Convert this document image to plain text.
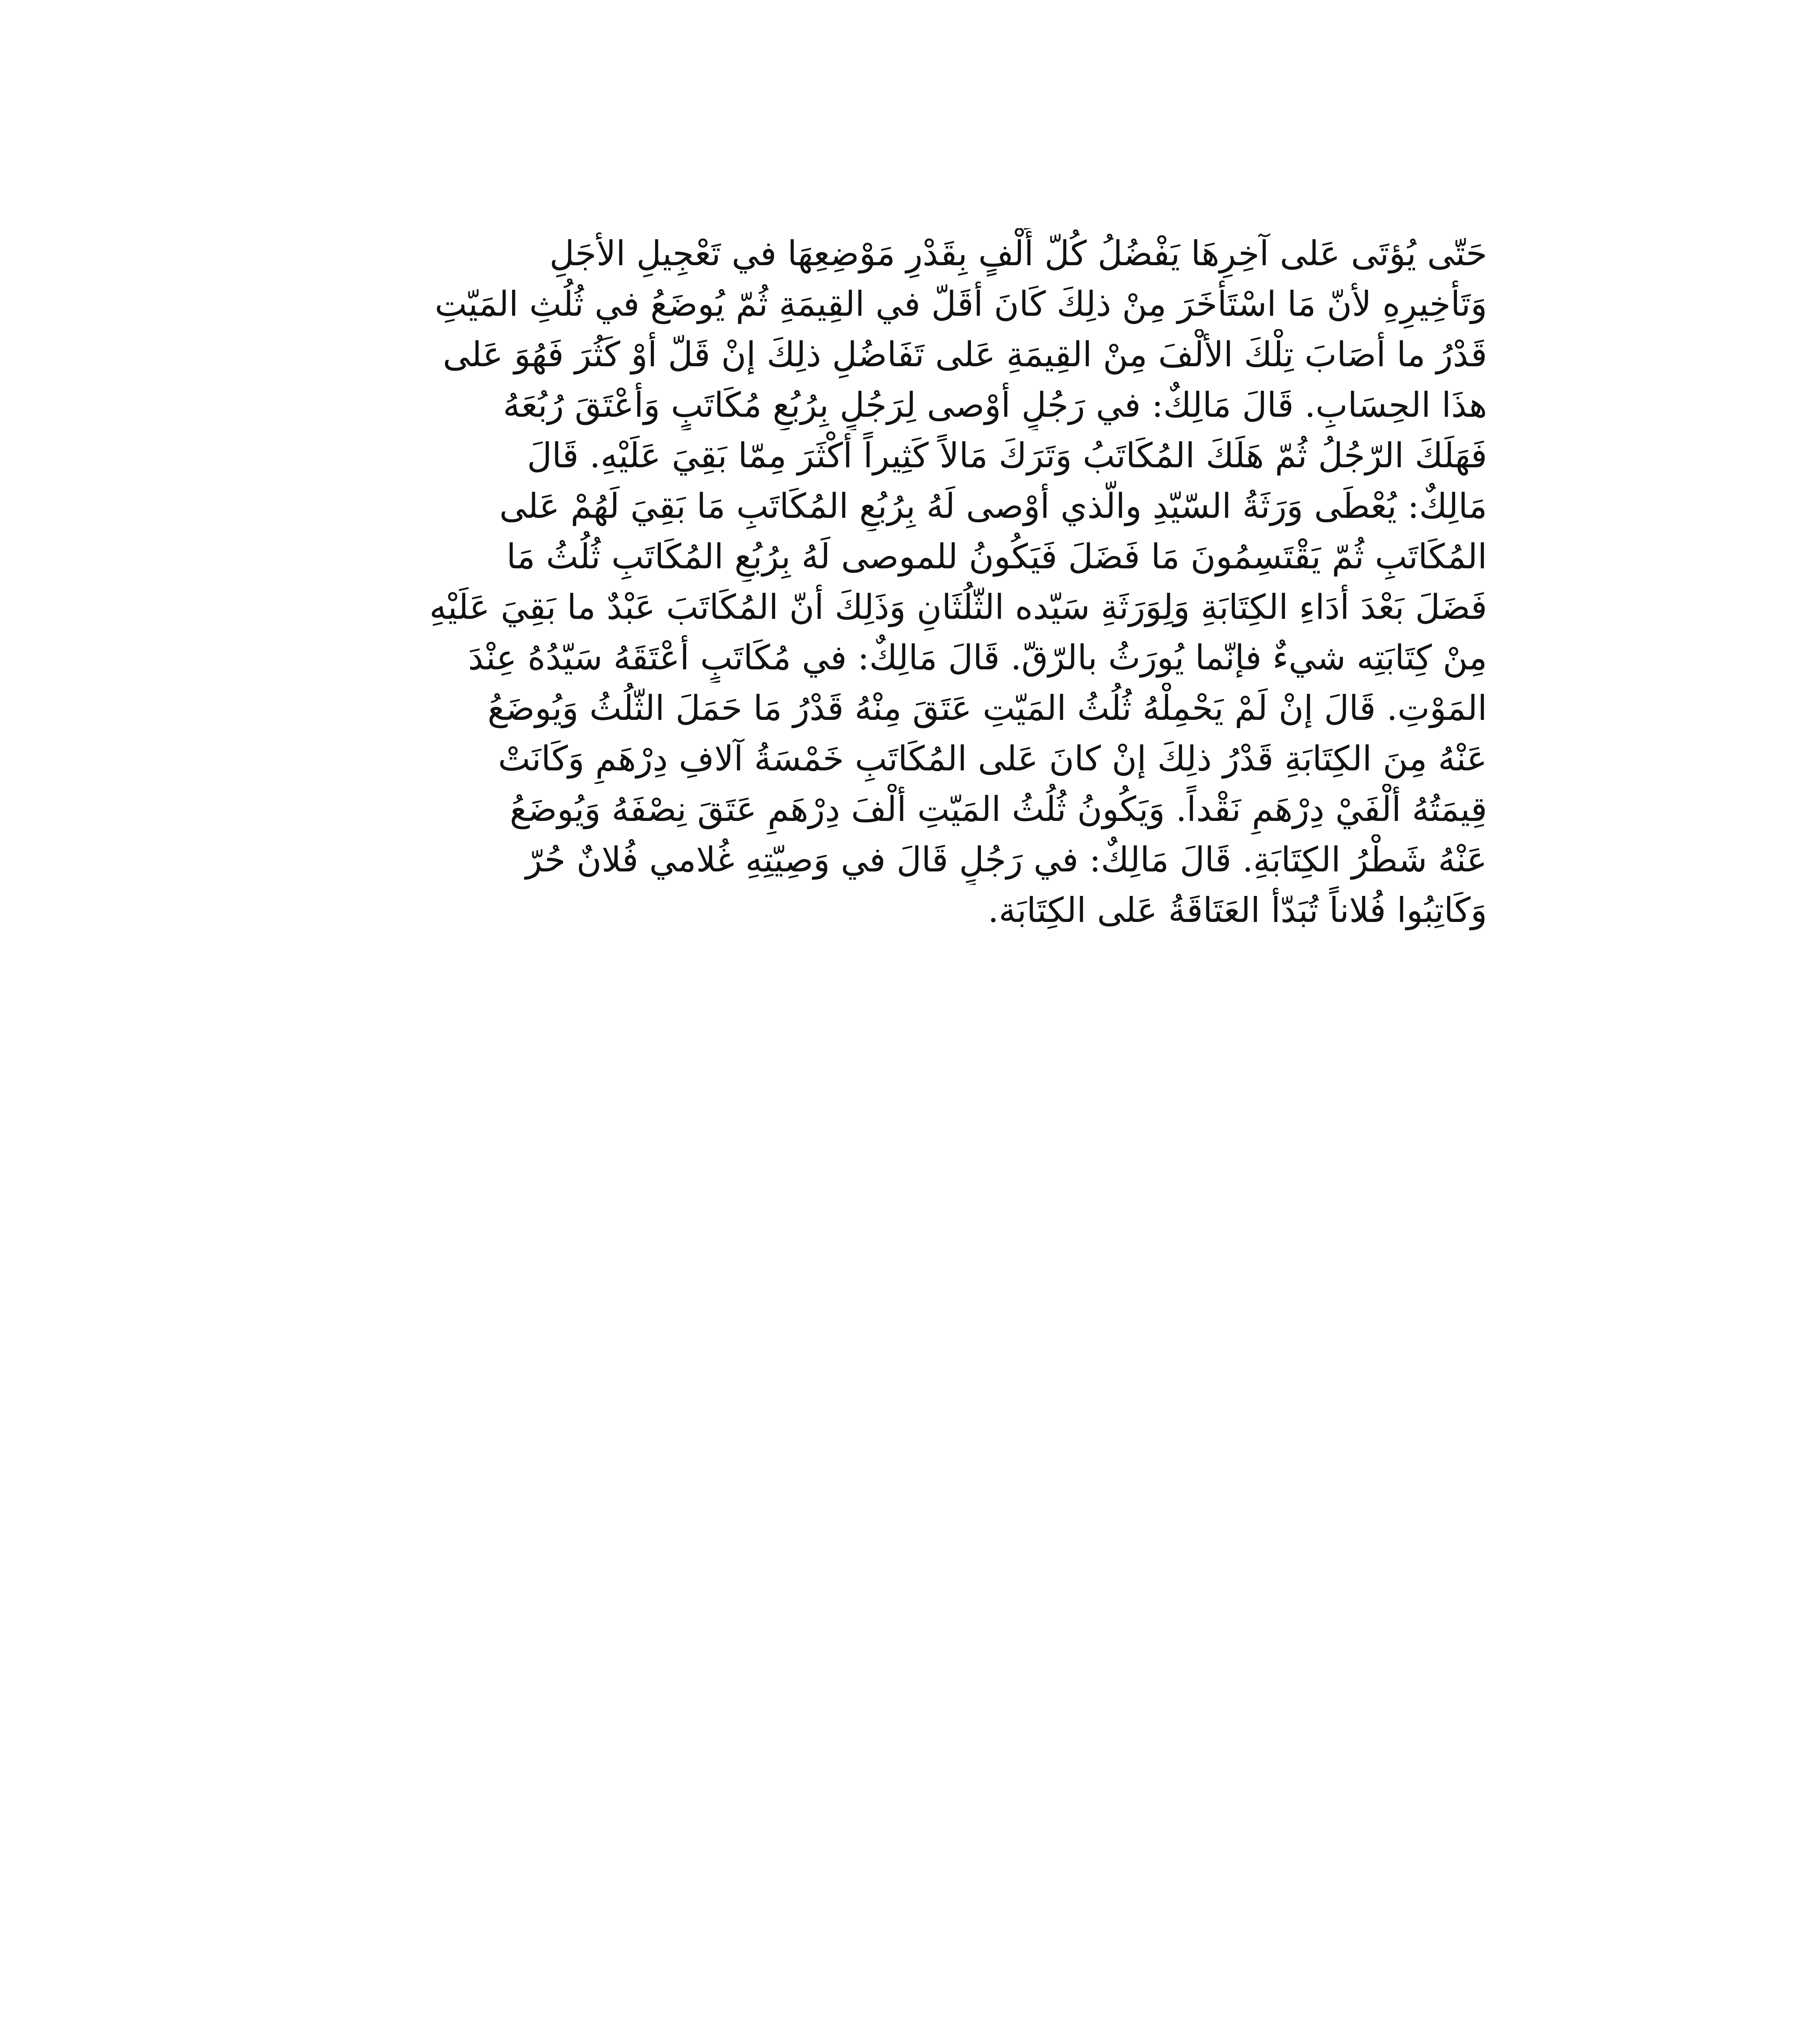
حَتّى يُؤتَى عَلى آخِرِهَا يَفْضُلُ كُلّ أَلْفٍ بِقَدْرِ مَوْضِعِهَا في تَعْجِيلِ الأجَلِ
وَتَأخِيرِهِ لأنّ مَا اسْتَأخَرَ مِنْ ذلِكَ كَانَ أقَلّ في القِيمَةِ ثُمّ يُوضَعُ في ثُلُثِ المَيّتِ
قَدْرُ ما أصَابَ تِلْكَ الألْفَ مِنْ القِيمَةِ عَلى تَفَاضُلِ ذلِكَ إنْ قَلّ أوْ كَثُرَ فَهُوَ عَلى
هذَا الحِسَابِ. قَالَ مَالِكٌ: في رَجُلٍ أوْصى لِرَجُلٍ بِرُبُعِ مُكَاتَبٍ وَأعْتَقَ رُبُعَهُ
فَهَلَكَ الرّجُلُ ثُمّ هَلَكَ المُكَاتَبُ وَتَرَكَ مَالاً كَثِيراً أكْثَرَ مِمّا بَقِيَ عَلَيْهِ. قَالَ
مَالِكٌ: يُعْطَى وَرَثَةُ السّيّدِ والّذي أوْصى لَهُ بِرُبُعِ المُكَاتَبِ مَا بَقِيَ لَهُمْ عَلى
المُكَاتَبِ ثُمّ يَقْتَسِمُونَ مَا فَضَلَ فَيَكُونُ للموصى لَهُ بِرُبُعِ المُكَاتَبِ ثُلُثُ مَا
فَضَلَ بَعْدَ أدَاءِ الكِتَابَةِ وَلِوَرَثَةِ سَيّده الثّلُثَانِ وَذَلِكَ أنّ المُكَاتَبَ عَبْدٌ ما بَقِيَ عَلَيْهِ
مِنْ كِتَابَتِه شيءٌ فإنّما يُورَثُ بالرّقّ. قَالَ مَالِكٌ: في مُكَاتَبٍ أعْتَقَهُ سَيّدُهُ عِنْدَ
المَوْتِ. قَالَ إنْ لَمْ يَحْمِلْهُ ثُلُثُ المَيّتِ عَتَقَ مِنْهُ قَدْرُ مَا حَمَلَ الثّلُثُ وَيُوضَعُ
عَنْهُ مِنَ الكِتَابَةِ قَدْرُ ذلِكَ إنْ كانَ عَلى المُكَاتَبِ خَمْسَةُ آلافِ دِرْهَمٍ وَكَانَتْ
قِيمَتُهُ ألْفَيْ دِرْهَمٍ نَقْداً. وَيَكُونُ ثُلُثُ المَيّتِ ألْفَ دِرْهَمٍ عَتَقَ نِصْفَهُ وَيُوضَعُ
عَنْهُ شَطْرُ الكِتَابَةِ. قَالَ مَالِكٌ: في رَجُلٍ قَالَ في وَصِيّتِهِ غُلامي فُلانٌ حُرّ
وَكَاتِبُوا فُلاناً تُبَدّأ العَتَاقَةُ عَلى الكِتَابَة.
